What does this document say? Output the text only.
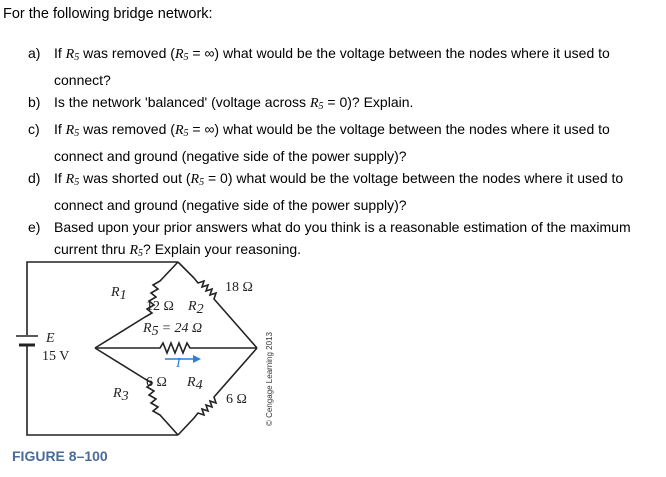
For the following bridge network:
a) If $R_5$ was removed ($R_5$ = ∞) what would be the voltage between the nodes where it used to connect?
b) Is the network 'balanced' (voltage across $R_5 = 0$)? Explain.
c)	If $R_5$ was removed ($R_5$ = ∞) what would be the voltage between the nodes where it used to connect and ground (negative side of the power supply)?
d) If $R_5$ was shorted out $(R_5 = 0)$ what would be the voltage between the nodes where it used to connect and ground (negative side of the power supply)?
e) Based upon your prior answers what do you think is a reasonable estimation of the maximum current thru $R_5$? Explain your reasoning.
E
15 V
R1
12 Ω R2
18 Ω
R5 = 24 Ω
I
6 Ω
R3
R4
6 Ω © Cengage Learning 2013
FIGURE 8–100
